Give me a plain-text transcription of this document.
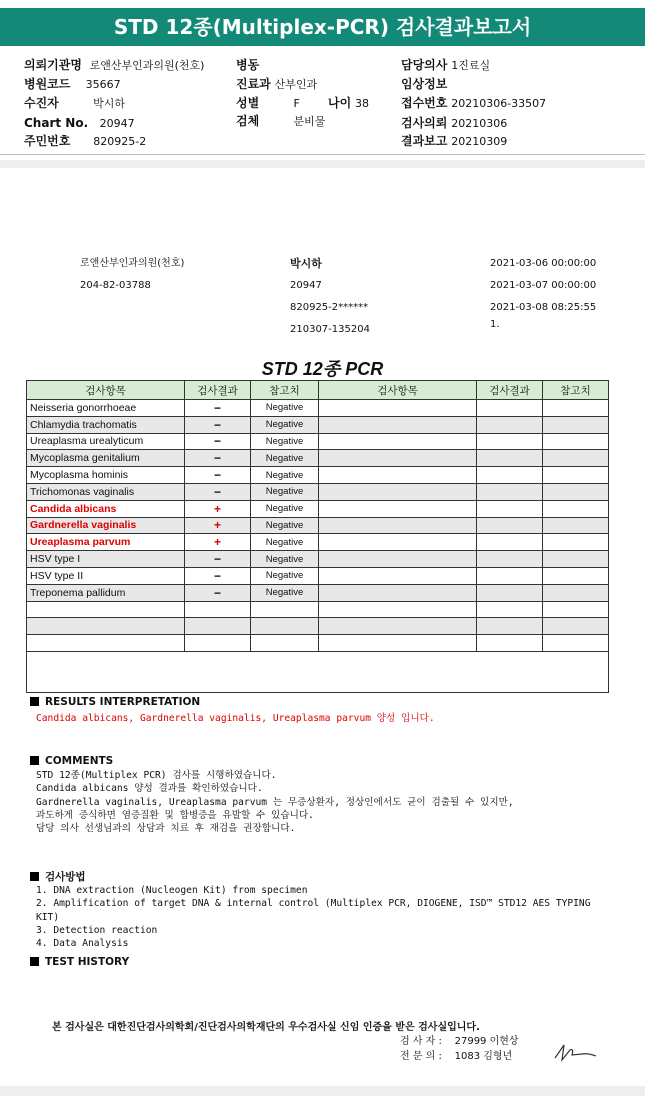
STD 12종(Multiplex-PCR) 검사결과보고서
의뢰기관명 로앤산부인과의원(천호)	병동	담당의사 1진료실
병원코드 35667	진료과 산부인과	임상정보
수진자	박시하	성별	F 나이 38	접수번호 20210306-33507
Chart No. 20947	검체	분비물	검사의뢰 20210306
주민번호 820925-2	결과보고 20210309
로앤산부인과의원(천호)
204-82-03788
박시하
20947
820925-2******
210307-135204
2021-03-06 00:00:00
2021-03-07 00:00:00
2021-03-08 08:25:55
1.
STD 12종 PCR
검사항목	검사결과	참고치	검사항목	검사결과	참고치
Neisseria gonorrhoeae	−	Negative			
Chlamydia trachomatis	−	Negative			
Ureaplasma urealyticum	−	Negative			
Mycoplasma genitalium	−	Negative			
Mycoplasma hominis	−	Negative			
Trichomonas vaginalis	−	Negative			
Candida albicans	+	Negative			
Gardnerella vaginalis	+	Negative			
Ureaplasma parvum	+	Negative			
HSV type I	−	Negative			
HSV type II	−	Negative			
Treponema pallidum	−	Negative			

RESULTS INTERPRETATION
Candida albicans, Gardnerella vaginalis, Ureaplasma parvum 양성 입니다.
COMMENTS
STD 12종(Multiplex PCR) 검사를 시행하였습니다.
Candida albicans 양성 결과를 확인하였습니다.
Gardnerella vaginalis, Ureaplasma parvum 는 무증상환자, 정상인에서도 균이 검출될 수 있지만,
과도하게 증식하면 염증질환 및 합병증을 유발할 수 있습니다.
담당 의사 선생님과의 상담과 치료 후 재검을 권장합니다.
검사방법
1. DNA extraction (Nucleogen Kit) from specimen
2. Amplification of target DNA & internal control (Multiplex PCR, DIOGENE, ISD™ STD12 AES TYPING
KIT)
3. Detection reaction
4. Data Analysis
TEST HISTORY
본 검사실은 대한진단검사의학회/진단검사의학재단의 우수검사실 신임 인증을 받은 검사실입니다.
검 사 자 : 27999 이현상
전 문 의 : 1083 김형년
